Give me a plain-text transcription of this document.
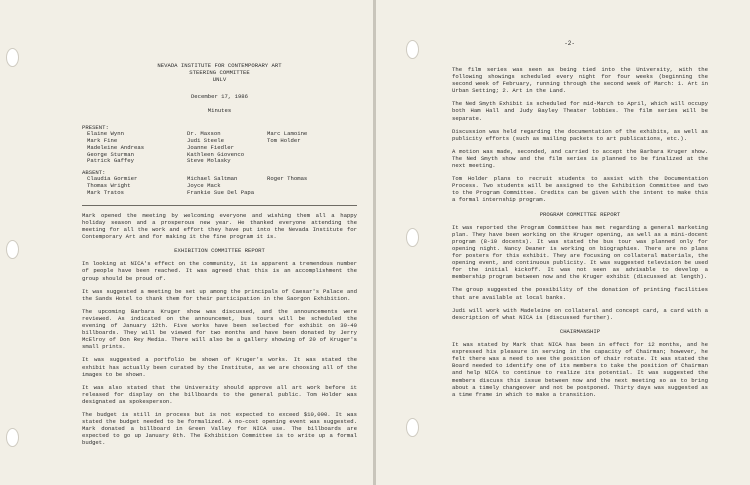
NEVADA INSTITUTE FOR CONTEMPORARY ART
STEERING COMMITTEE
UNLV
December 17, 1986
Minutes
PRESENT:
Elaine Wynn	Dr. Maxson	Marc Lamoine
Mark Fine	Judi Steele	Tom Holder
Madeleine Andreas	Joanne Fiedler
George Sturman	Kathleen Giovenco
Patrick Gaffey	Steve Molasky
ABSENT:
Claudia Gormier	Michael Saltman	Roger Thomas
Thomas Wright	Joyce Mack
Mark Tratos	Frankie Sue Del Papa

Mark opened the meeting by welcoming everyone and wishing them all a happy holiday season and a prosperous new year. He thanked everyone attending the meeting for all the work and effort they have put into the Nevada Institute for Contemporary Art and for making it the fine program it is.

EXHIBITION COMMITTEE REPORT

In looking at NICA's effect on the community, it is apparent a tremendous number of people have been reached. It was agreed that this is an accomplishment the group should be proud of.

It was suggested a meeting be set up among the principals of Caesar's Palace and the Sands Hotel to thank them for their participation in the Saorgon Exhibition.

The upcoming Barbara Kruger show was discussed, and the announcements were reviewed. As indicated on the announcemet, bus tours will be scheduled the evening of January 12th. Five works have been selected for exhibit on 30-40 billboards. They will be viewed for two months and have been donated by Jerry McElroy of Don Rey Media. There will also be a gallery showing of 20 of Kruger's small prints.

It was suggested a portfolio be shown of Kruger's works. It was stated the exhibit has actually been curated by the Institute, as we are choosing all of the images to be shown.

It was also stated that the University should approve all art work before it released for display on the billboards to the general public. Tom Holder was designated as spokesperson.

The budget is still in process but is not expected to exceed $10,000. It was stated the budget needed to be formalized. A no-cost opening event was suggested. Mark donated a billboard in Green Valley for NICA use. The billboards are expected to go up January 8th. The Exhibition Committee is to write up a formal budget.

-2-

The film series was seen as being tied into the University, with the following showings scheduled every night for four weeks (beginning the second week of February, running through the second week of March: 1. Art in Urban Setting; 2. Art in the Land.

The Ned Smyth Exhibit is scheduled for mid-March to April, which will occupy both Ham Hall and Judy Bayley Theater lobbies. The film series will be separate.

Discussion was held regarding the documentation of the exhibits, as well as publicity efforts (such as mailing packets to art publications, etc.).

A motion was made, seconded, and carried to accept the Barbara Kruger show. The Ned Smyth show and the film series is planned to be finalized at the next meeting.

Tom Holder plans to recruit students to assist with the Documentation Process. Two students will be assigned to the Exhibition Committee and two to the Program Committee. Credits can be given with the intent to make this a formal internship program.

PROGRAM COMMITTEE REPORT

It was reported the Program Committee has met regarding a general marketing plan. They have been working on the Kruger opening, as well as a mini-docent program (8-10 docents). It was stated the bus tour was planned only for opening night. Nancy Deaner is working on biographies. There are no plans for posters for this exhibit. They are focusing on collateral materials, the opening event, and continuous publicity. It was suggested television be used for the initial kickoff. It was not seen as advisable to develop a membership program between now and the Kruger exhibit (discussed at length).

The group suggested the possibility of the donation of printing facilities that are available at local banks.

Judi will work with Madeleine on collateral and concept card, a card with a description of what NICA is (discussed further).

CHAIRMANSHIP

It was stated by Mark that NICA has been in effect for 12 months, and he expressed his pleasure in serving in the capacity of Chairman; however, he felt there was a need to see the position of chair rotate. It was stated the Board needed to identify one of its members to take the position of Chairman and help NICA to continue to realize its potential. It was suggested the members discuss this issue between now and the next meeting so as to bring about a timely changeover and not be postponed. Thirty days was suggested as a time frame in which to make a transition.
